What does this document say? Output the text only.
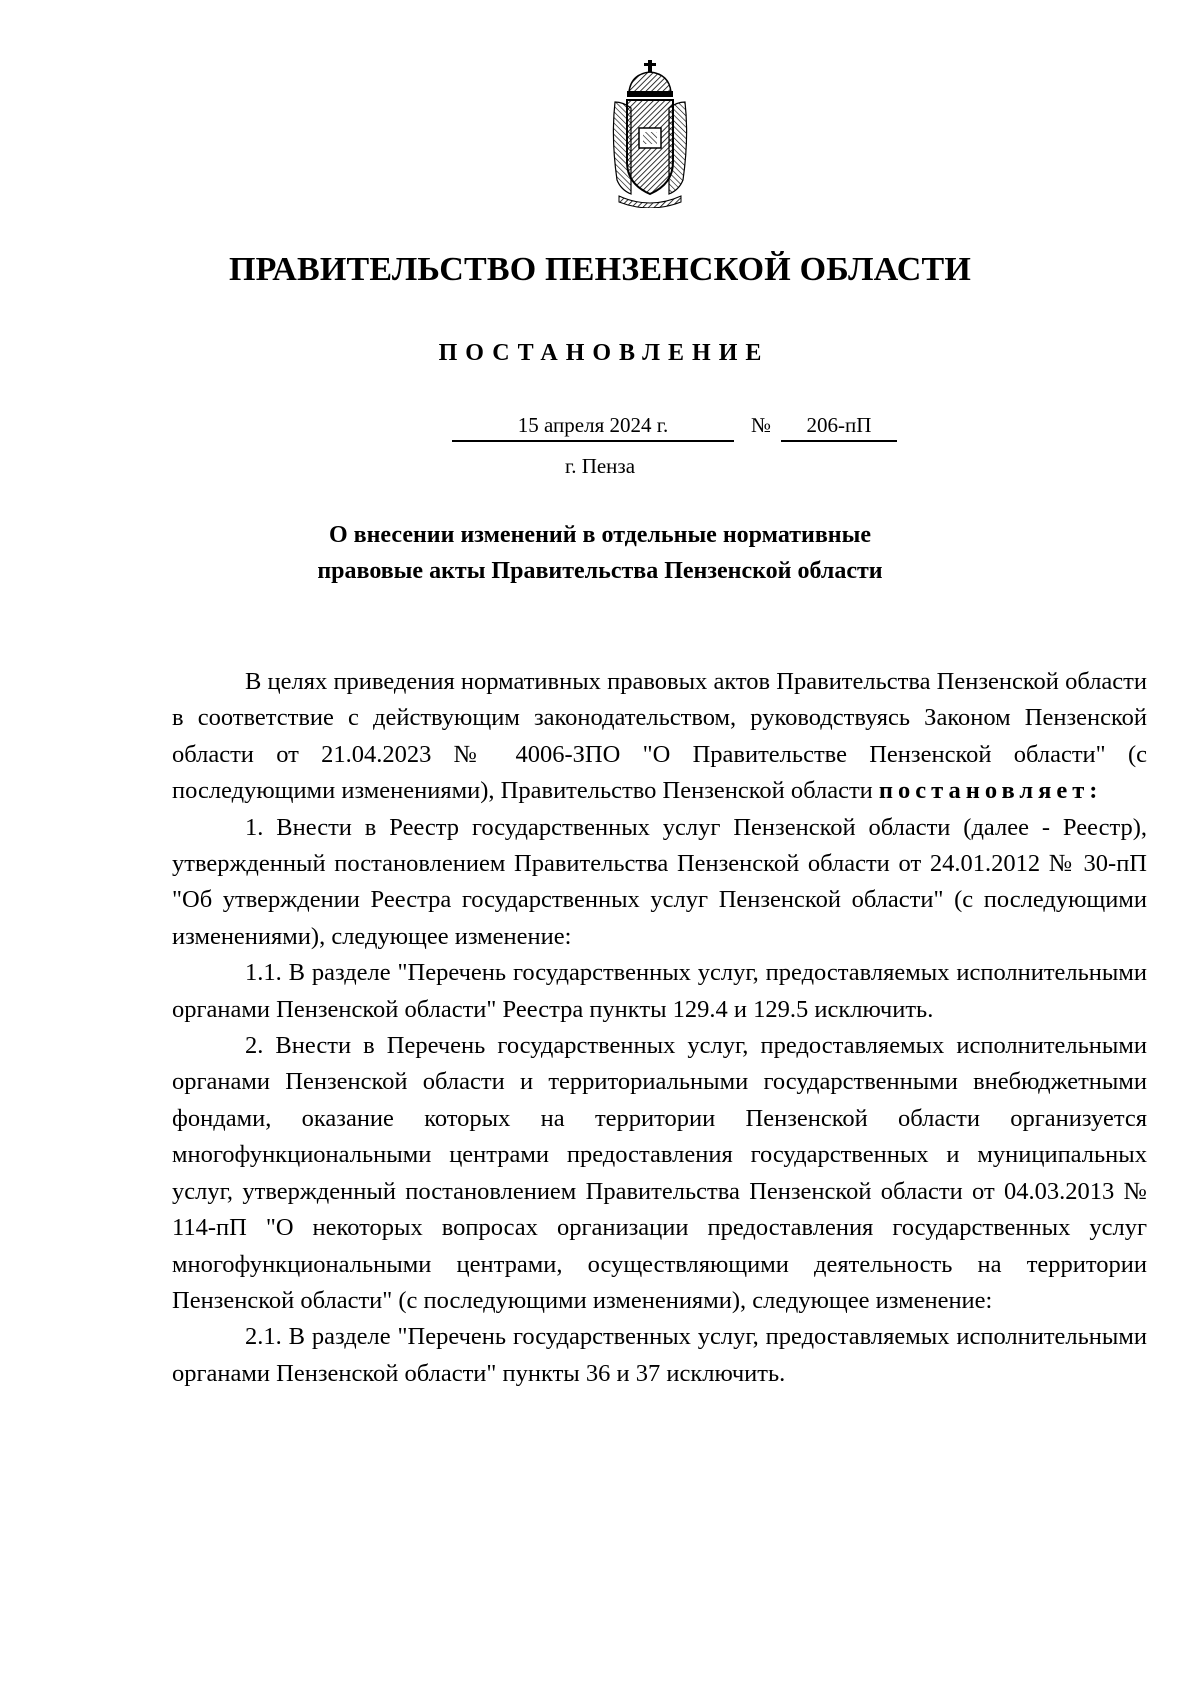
ПРАВИТЕЛЬСТВО ПЕНЗЕНСКОЙ ОБЛАСТИ
ПОСТАНОВЛЕНИЕ
15 апреля 2024 г.	№	206-пП
г. Пенза
О внесении изменений в отдельные нормативные
правовые акты Правительства Пензенской области

В целях приведения нормативных правовых актов Правительства Пензенской области в соответствие с действующим законодательством, руководствуясь Законом Пензенской области от 21.04.2023 № 4006-ЗПО "О Правительстве Пензенской области" (с последующими изменениями), Правительство Пензенской области постановляет:

1. Внести в Реестр государственных услуг Пензенской области (далее - Реестр), утвержденный постановлением Правительства Пензенской области от 24.01.2012 № 30-пП "Об утверждении Реестра государственных услуг Пензенской области" (с последующими изменениями), следующее изменение:

1.1. В разделе "Перечень государственных услуг, предоставляемых исполнительными органами Пензенской области" Реестра пункты 129.4 и 129.5 исключить.

2. Внести в Перечень государственных услуг, предоставляемых исполнительными органами Пензенской области и территориальными государственными внебюджетными фондами, оказание которых на территории Пензенской области организуется многофункциональными центрами предоставления государственных и муниципальных услуг, утвержденный постановлением Правительства Пензенской области от 04.03.2013 № 114-пП "О некоторых вопросах организации предоставления государственных услуг многофункциональными центрами, осуществляющими деятельность на территории Пензенской области" (с последующими изменениями), следующее изменение:

2.1. В разделе "Перечень государственных услуг, предоставляемых исполнительными органами Пензенской области" пункты 36 и 37 исключить.
